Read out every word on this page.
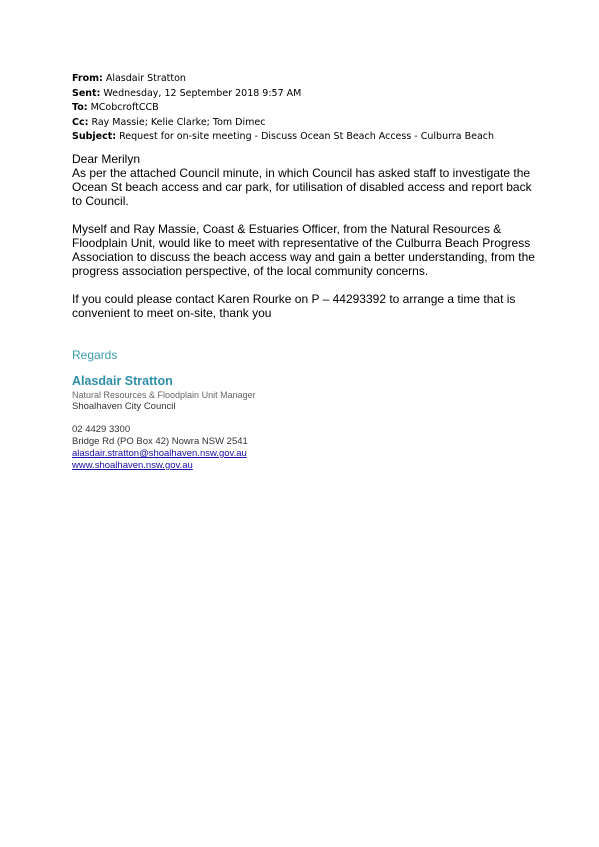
From: Alasdair Stratton
Sent: Wednesday, 12 September 2018 9:57 AM
To: MCobcroftCCB
Cc: Ray Massie; Kelie Clarke; Tom Dimec
Subject: Request for on-site meeting - Discuss Ocean St Beach Access - Culburra Beach

Dear Merilyn

As per the attached Council minute, in which Council has asked staff to investigate the Ocean St beach access and car park, for utilisation of disabled access and report back to Council.

Myself and Ray Massie, Coast & Estuaries Officer, from the Natural Resources & Floodplain Unit, would like to meet with representative of the Culburra Beach Progress Association to discuss the beach access way and gain a better understanding, from the progress association perspective, of the local community concerns.

If you could please contact Karen Rourke on P – 44293392 to arrange a time that is convenient to meet on-site, thank you

Regards
Alasdair Stratton
Natural Resources & Floodplain Unit Manager
Shoalhaven City Council
02 4429 3300
Bridge Rd (PO Box 42) Nowra NSW 2541
alasdair.stratton@shoalhaven.nsw.gov.au
www.shoalhaven.nsw.gov.au
